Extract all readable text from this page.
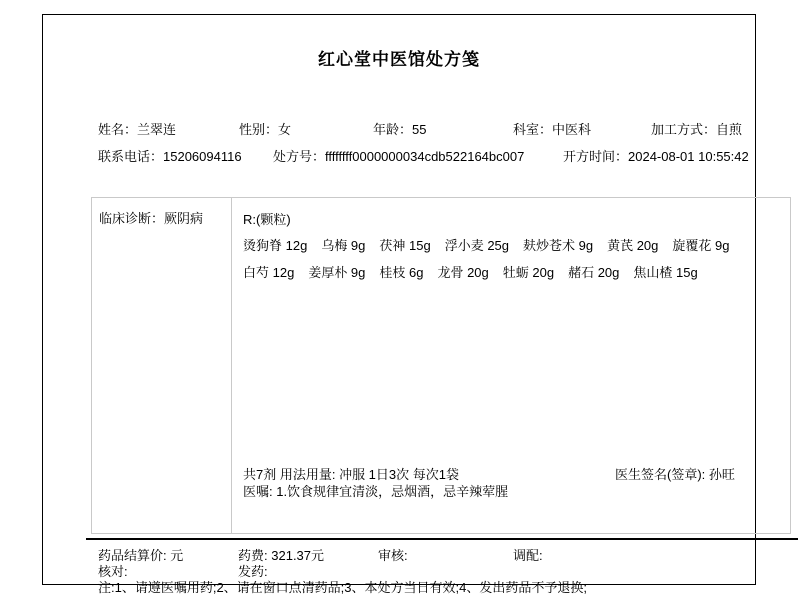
红心堂中医馆处方笺
姓名：兰翠连	性别：女	年龄：55	科室：中医科	加工方式：自煎
联系电话：15206094116 处方号：ffffffff0000000034cdb522164bc007	开方时间：2024-08-01 10:55:42
临床诊断：厥阴病	R:(颗粒)
烫狗脊 12g 乌梅 9g 茯神 15g 浮小麦 25g 麸炒苍术 9g 黄芪 20g 旋覆花 9g白芍 12g 姜厚朴 9g 桂枝 6g 龙骨 20g 牡蛎 20g 赭石 20g 焦山楂 15g
共7剂 用法用量: 冲服 1日3次 每次1袋
医嘱: 1.饮食规律宜清淡，忌烟酒，忌辛辣荤腥
医生签名(签章): 孙旺
药品结算价: 元	药费: 321.37元	审核:	调配:
核对:	发药:
注:1、请遵医嘱用药;2、请在窗口点清药品;3、本处方当日有效;4、发出药品不予退换;
